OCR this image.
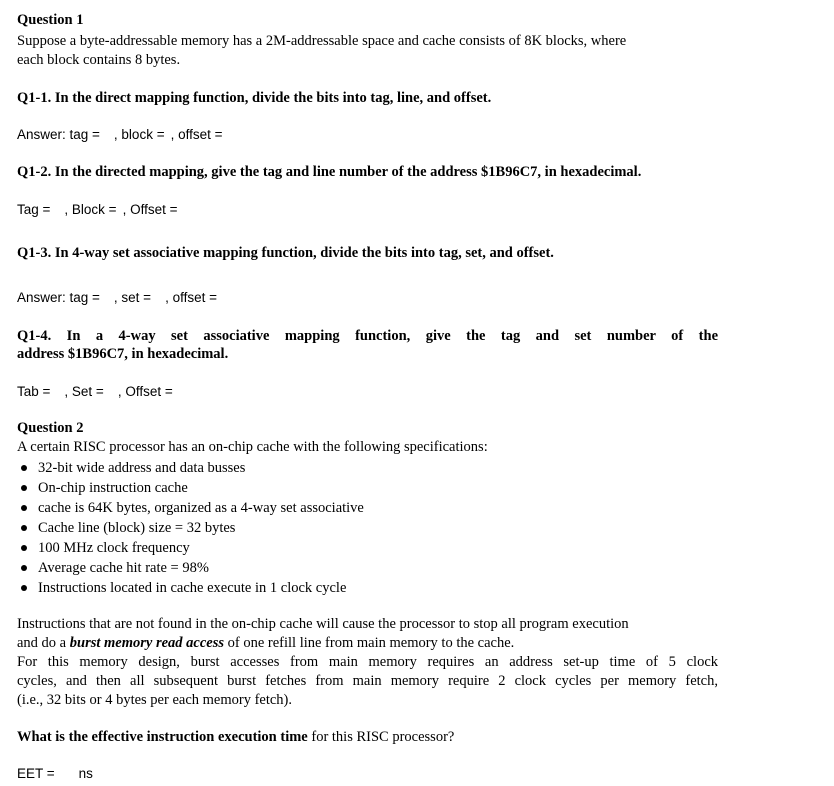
Question 1
Suppose a byte-addressable memory has a 2M-addressable space and cache consists of 8K blocks, where
each block contains 8 bytes.
Q1-1. In the direct mapping function, divide the bits into tag, line, and offset.
Answer: tag = , block = , offset =
Q1-2. In the directed mapping, give the tag and line number of the address $1B96C7, in hexadecimal.
Tag = , Block = , Offset =
Q1-3. In 4-way set associative mapping function, divide the bits into tag, set, and offset.
Answer: tag = , set = , offset =
Q1-4. In a 4-way set associative mapping function, give the tag and set number of the
address $1B96C7, in hexadecimal.
Tab = , Set = , Offset =
Question 2
A certain RISC processor has an on-chip cache with the following specifications:
32-bit wide address and data busses
On-chip instruction cache
cache is 64K bytes, organized as a 4-way set associative
Cache line (block) size = 32 bytes
100 MHz clock frequency
Average cache hit rate = 98%
Instructions located in cache execute in 1 clock cycle
Instructions that are not found in the on-chip cache will cause the processor to stop all program execution
and do a burst memory read access of one refill line from main memory to the cache.
For this memory design, burst accesses from main memory requires an address set-up time of 5 clock
cycles, and then all subsequent burst fetches from main memory require 2 clock cycles per memory fetch,
(i.e., 32 bits or 4 bytes per each memory fetch).
What is the effective instruction execution time for this RISC processor?
EET = ns
